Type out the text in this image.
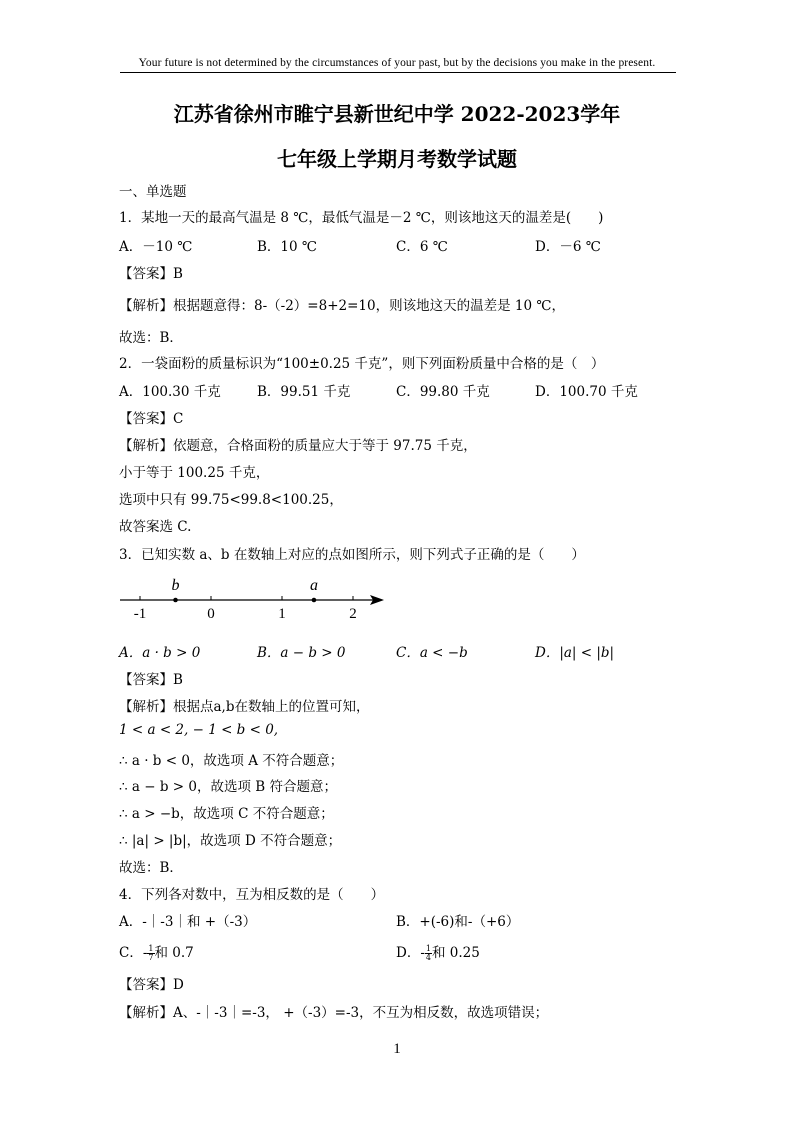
Your future is not determined by the circumstances of your past, but by the decisions you make in the present.
江苏省徐州市睢宁县新世纪中学 2022-2023学年
七年级上学期月考数学试题
一、单选题
1．某地一天的最高气温是 8 ℃，最低气温是－2 ℃，则该地这天的温差是(　　)
A．－10 ℃	B．10 ℃	C．6 ℃	D．－6 ℃
【答案】B
【解析】根据题意得：8-（-2）=8+2=10，则该地这天的温差是 10 ℃，
故选：B．
2．一袋面粉的质量标识为“100±0.25 千克”，则下列面粉质量中合格的是（　）
A．100.30 千克	B．99.51 千克	C．99.80 千克	D．100.70 千克
【答案】C
【解析】依题意，合格面粉的质量应大于等于 97.75 千克，
小于等于 100.25 千克，
选项中只有 99.75<99.8<100.25，
故答案选 C.
3．已知实数 a、b 在数轴上对应的点如图所示，则下列式子正确的是（　　）
-1	0	1	2
b	a
A．a · b > 0	B．a − b > 0	C．a < −b	D．|a| < |b|
【答案】B
【解析】根据点a,b在数轴上的位置可知，
1 < a < 2, − 1 < b < 0,
∴ a · b < 0，故选项 A 不符合题意；
∴ a − b > 0，故选项 B 符合题意；
∴ a > −b，故选项 C 不符合题意；
∴ |a| > |b|，故选项 D 不符合题意；
故选：B．
4．下列各对数中，互为相反数的是（　　）
A．-｜-3｜和 +（-3）	B．+(-6)和-（+6）
C．- $\frac{1}{7}$ 和 0.7	D．- $\frac{1}{4}$ 和 0.25
【答案】D
【解析】A、-｜-3｜=-3， +（-3）=-3，不互为相反数，故选项错误；
1
